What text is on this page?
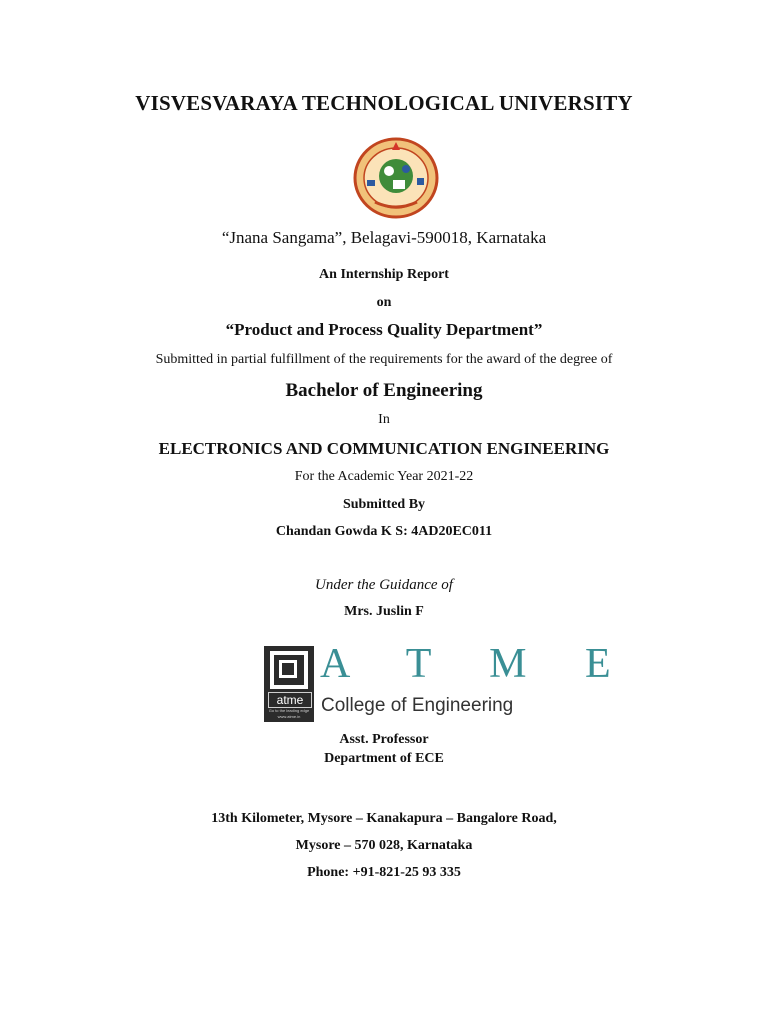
VISVESVARAYA TECHNOLOGICAL UNIVERSITY
“Jnana Sangama”, Belagavi-590018, Karnataka
An Internship Report
on
“Product and Process Quality Department”
Submitted in partial fulfillment of the requirements for the award of the degree of
Bachelor of Engineering
In
ELECTRONICS AND COMMUNICATION ENGINEERING
For the Academic Year 2021-22
Submitted By
Chandan Gowda K S: 4AD20EC011
Under the Guidance of
Mrs. Juslin F
atme
Go to the leading edge
www.atme.in
A T M E
College of Engineering
Asst. Professor
Department of ECE
13th Kilometer, Mysore – Kanakapura – Bangalore Road,
Mysore – 570 028, Karnataka
Phone: +91-821-25 93 335
